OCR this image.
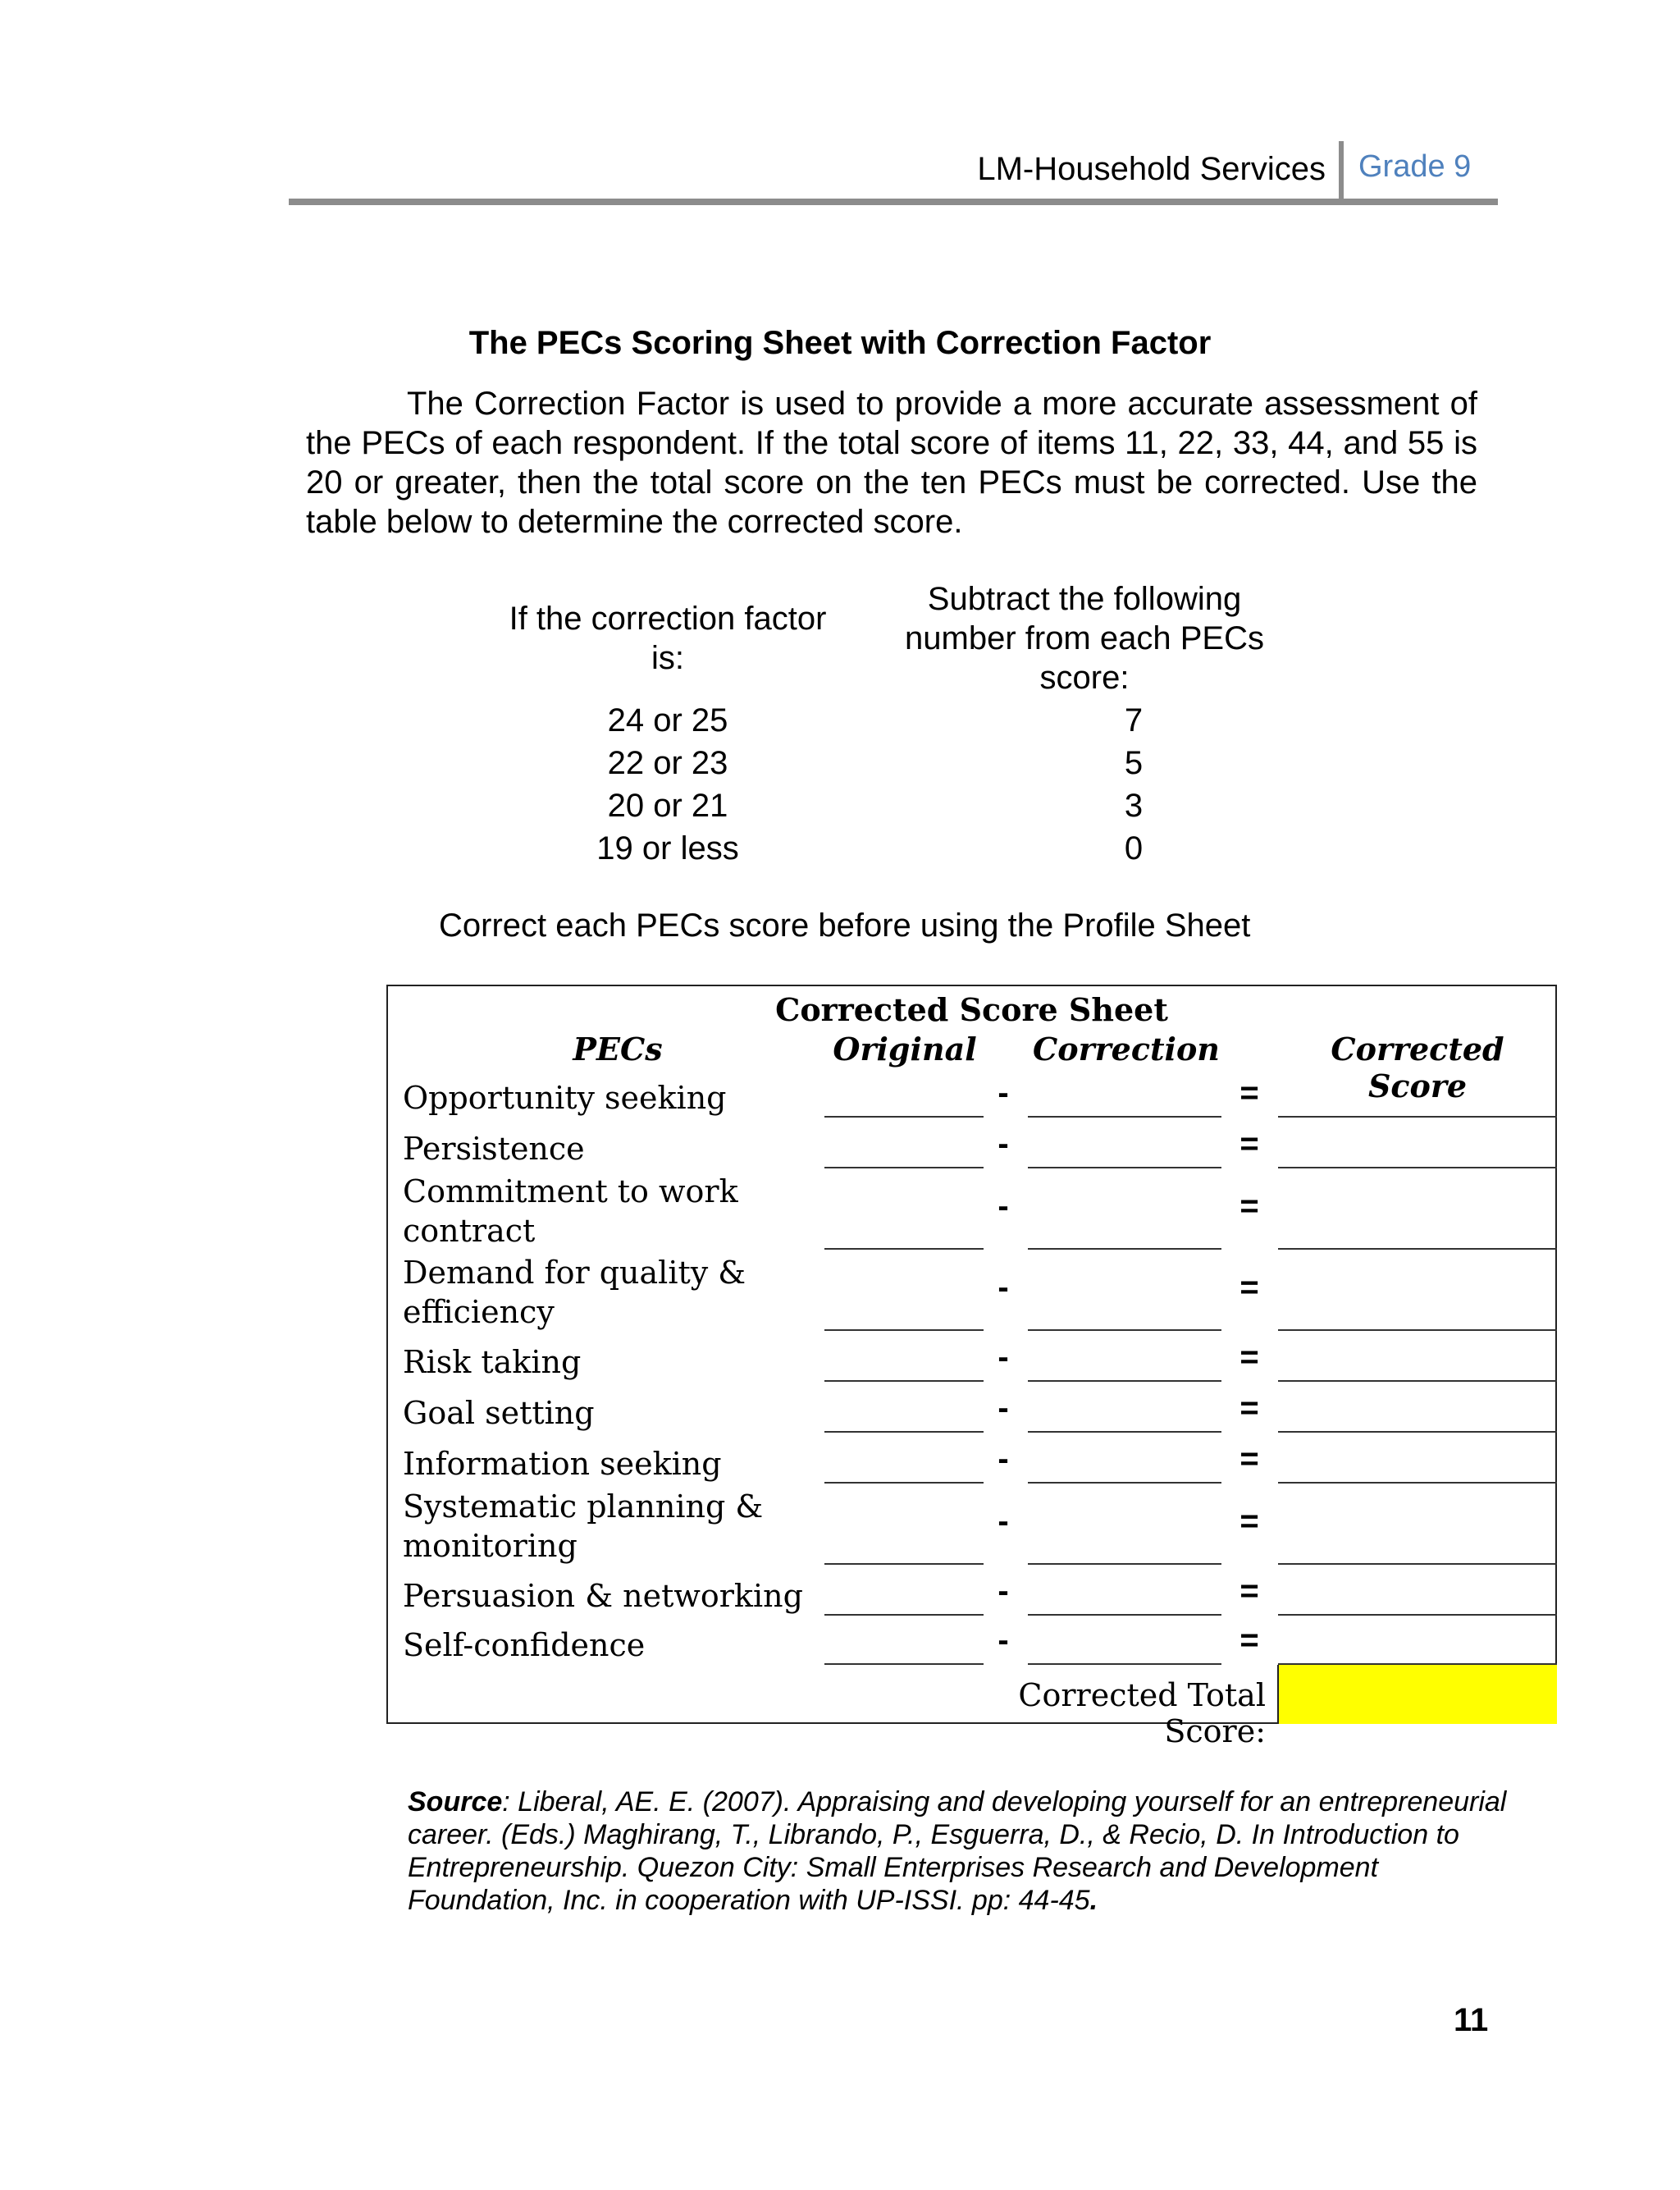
LM-Household Services Grade 9
The PECs Scoring Sheet with Correction Factor

The Correction Factor is used to provide a more accurate assessment of the PECs of each respondent. If the total score of items 11, 22, 33, 44, and 55 is 20 or greater, then the total score on the ten PECs must be corrected. Use the table below to determine the corrected score.

If the correction factor is:
Subtract the following number from each PECs score:
24 or 25	7
22 or 23	5
20 or 21	3
19 or less	0
Correct each PECs score before using the Profile Sheet
Corrected Score Sheet
PECs	Original	Correction	Corrected Score
Opportunity seeking	-	=
Persistence	-	=
Commitment to work
contract
-	=
Demand for quality &
efficiency
-	=
Risk taking	-	=
Goal setting	-	=
Information seeking	-	=
Systematic planning &
monitoring
-	=
Persuasion & networking	-	=
Self-confidence	-	=
Corrected Total Score:

Source: Liberal, AE. E. (2007). Appraising and developing yourself for an entrepreneurial career. (Eds.) Maghirang, T., Librando, P., Esguerra, D., & Recio, D. In Introduction to Entrepreneurship. Quezon City: Small Enterprises Research and Development Foundation, Inc. in cooperation with UP-ISSI. pp: 44-45.

11
